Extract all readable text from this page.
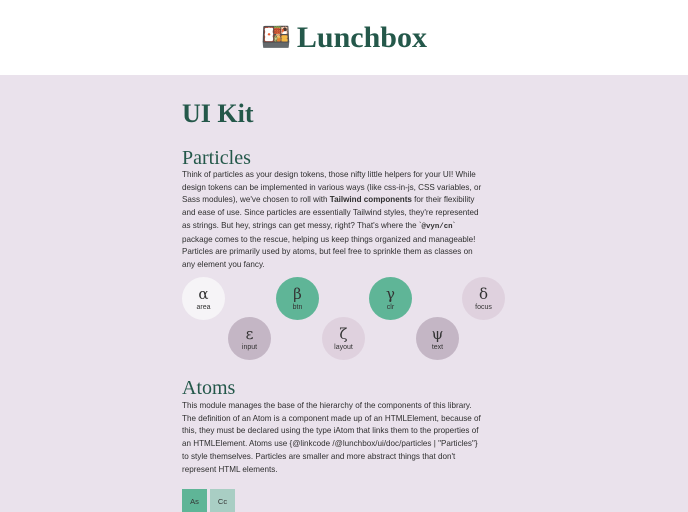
🍱 Lunchbox
UI Kit
Particles

Think of particles as your design tokens, those nifty little helpers for your UI! While design tokens can be implemented in various ways (like css-in-js, CSS variables, or Sass modules), we've chosen to roll with Tailwind components for their flexibility and ease of use. Since particles are essentially Tailwind styles, they're represented as strings. But hey, strings can get messy, right? That's where the `@vyn/cn` package comes to the rescue, helping us keep things organized and manageable! Particles are primarily used by atoms, but feel free to sprinkle them as classes on any element you fancy.

α
area
β
btn
γ
clr
δ
focus
ε
input
ζ
layout
ψ
text
Atoms

This module manages the base of the hierarchy of the components of this library. The definition of an Atom is a component made up of an HTMLElement, because of this, they must be declared using the type iAtom that links them to the properties of an HTMLElement. Atoms use {@linkcode /@lunchbox/ui/doc/particles | "Particles"} to style themselves. Particles are smaller and more abstract things that don't represent HTML elements.

As	Cc
